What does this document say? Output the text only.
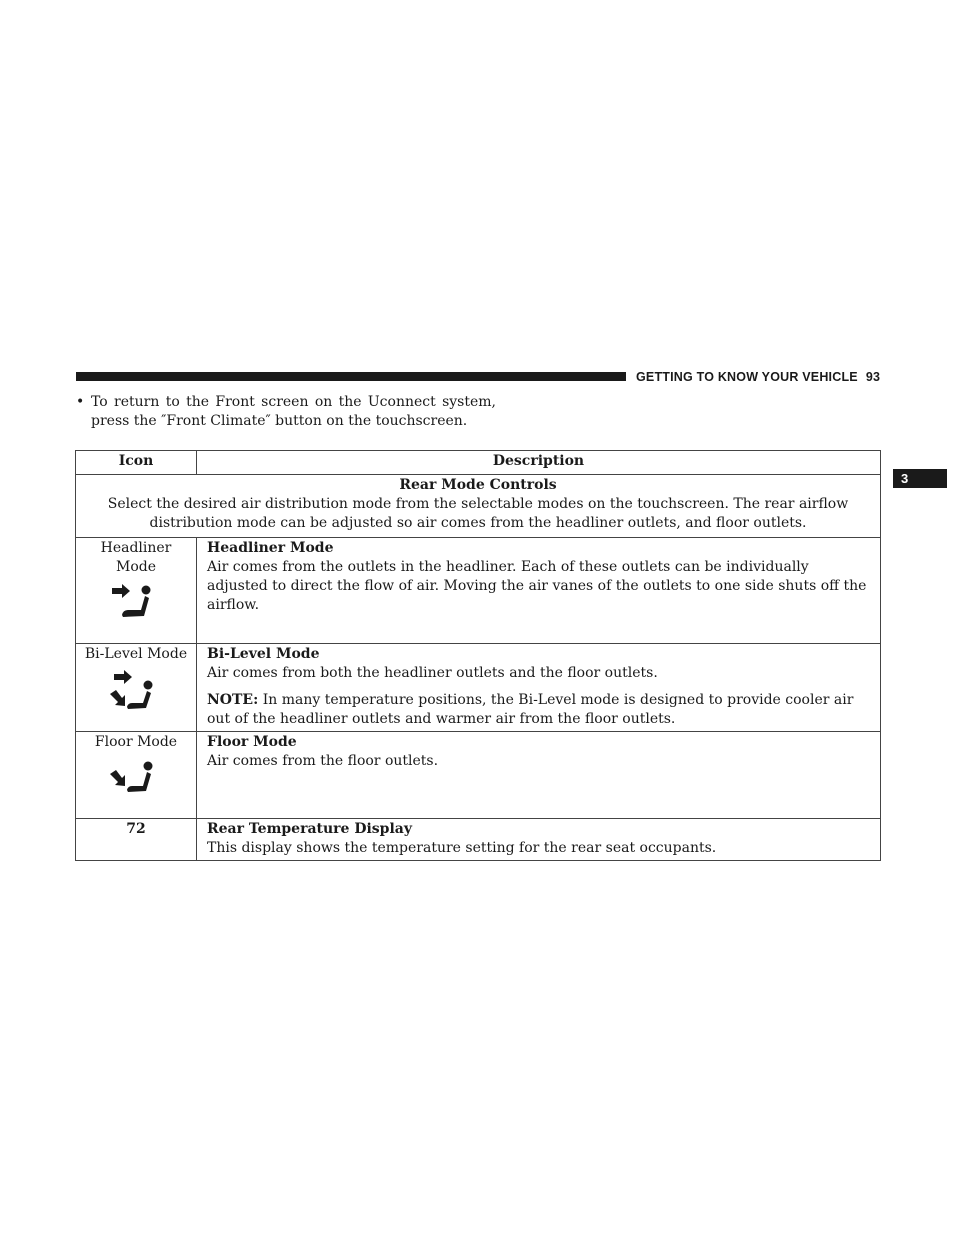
GETTING TO KNOW YOUR VEHICLE 93
3
• To return to the Front screen on the Uconnect system, press the ″Front Climate″ button on the touchscreen.
Icon	Description

Rear Mode Controls
Select the desired air distribution mode from the selectable modes on the touchscreen. The rear airflow distribution mode can be adjusted so air comes from the headliner outlets, and floor outlets.	
Headliner Mode	Headliner Mode
Air comes from the outlets in the headliner. Each of these outlets can be individually adjusted to direct the flow of air. Moving the air vanes of the outlets to one side shuts off the airflow.

Bi-Level Mode	Bi-Level Mode
Air comes from both the headliner outlets and the floor outlets.
NOTE: In many temperature positions, the Bi-Level mode is designed to provide cooler air out of the headliner outlets and warmer air from the floor outlets.

Floor Mode	Floor Mode
Air comes from the floor outlets.

72	Rear Temperature Display
This display shows the temperature setting for the rear seat occupants.
